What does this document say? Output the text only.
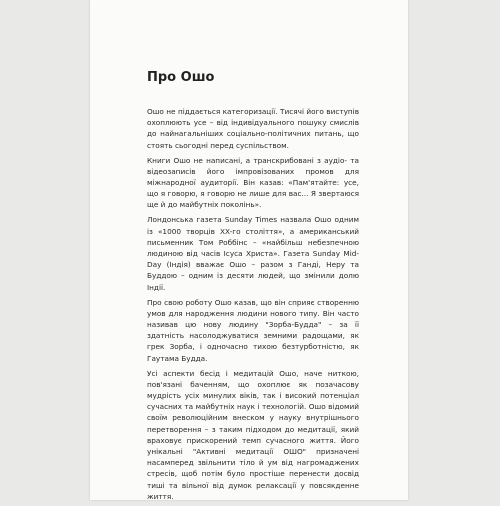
Про Ошо

Ошо не піддається категоризації. Тисячі його виступів охоплюють усе – від індивідуального пошуку смислів до найнагальніших соціально-політичних питань, що стоять сьогодні перед суспільством.

Книги Ошо не написані, а транскрибовані з аудіо- та відеозаписів його імпровізованих промов для міжнародної аудиторії. Він казав: «Пам'ятайте: усе, що я говорю, я говорю не лише для вас... Я звертаюся ще й до майбутніх поколінь».

Лондонська газета Sunday Times назвала Ошо одним із «1000 творців XX-го століття», а американський письменник Том Роббінс – «найбільш небезпечною людиною від часів Ісуса Христа». Газета Sunday Mid-Day (Індія) вважає Ошо – разом з Ганді, Неру та Буддою – одним із десяти людей, що змінили долю Індії.

Про свою роботу Ошо казав, що він сприяє створенню умов для народження людини нового типу. Він часто називав цю нову людину "Зорба-Будда" – за її здатність насолоджуватися земними радощами, як грек Зорба, і одночасно тихою безтурботністю, як Гаутама Будда.

Усі аспекти бесід і медитацій Ошо, наче ниткою, пов'язані баченням, що охоплює як позачасову мудрість усіх минулих віків, так і високий потенціал сучасних та майбутніх наук і технологій. Ошо відомий своїм революційним внеском у науку внутрішнього перетворення – з таким підходом до медитації, який враховує прискорений темп сучасного життя. Його унікальні "Активні медитації ОШО" призначені насамперед звільнити тіло й ум від нагромаджених стресів, щоб потім було простіше перенести досвід тиші та вільної від думок релаксації у повсякденне життя.
